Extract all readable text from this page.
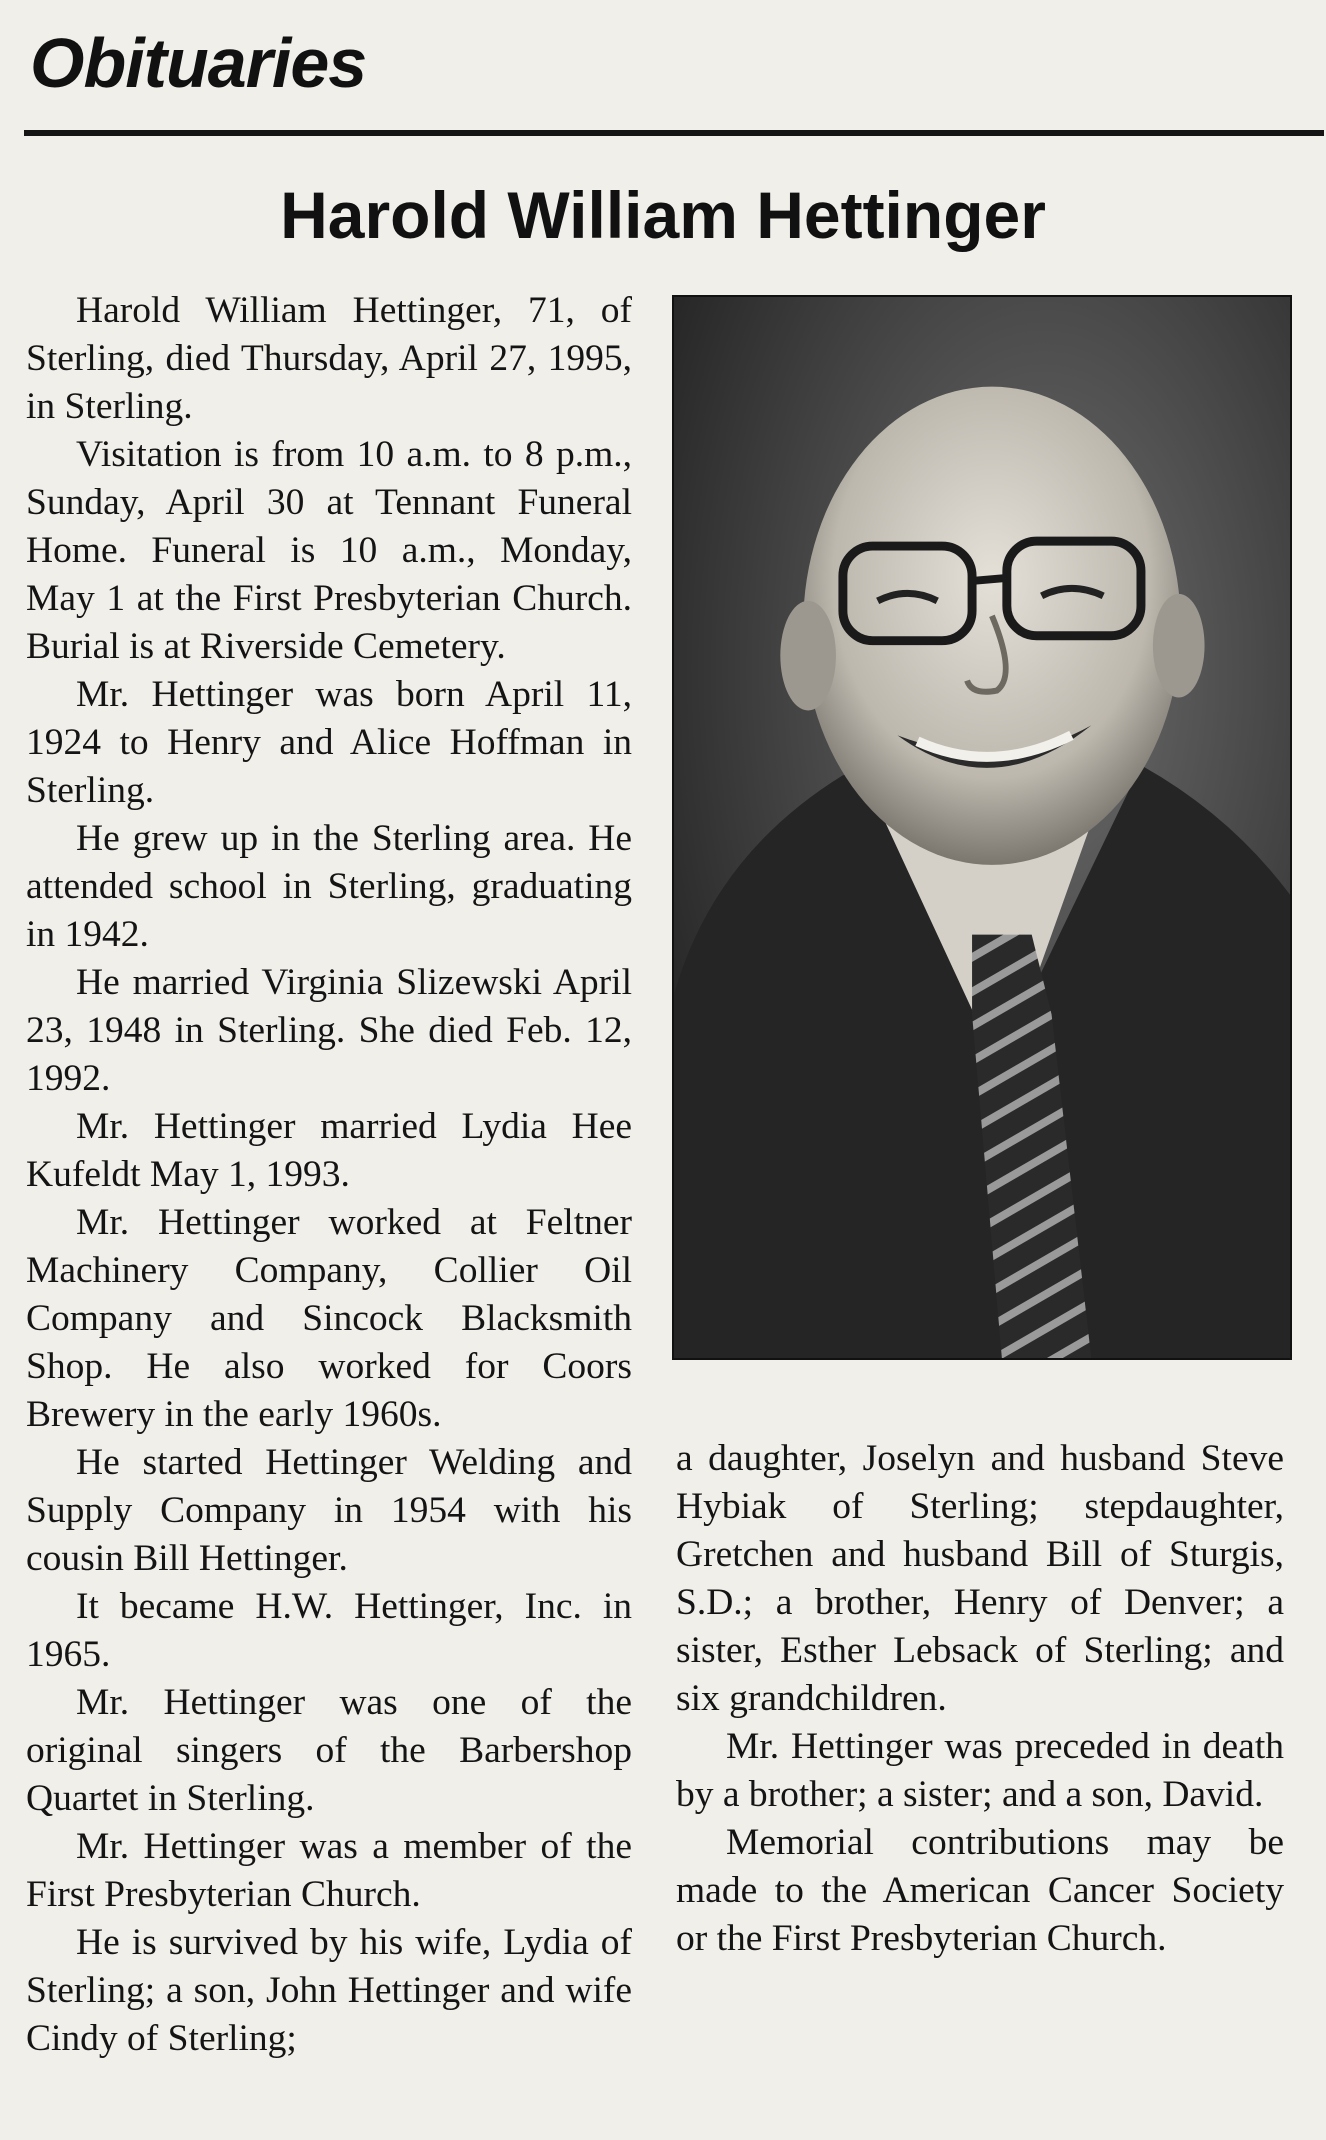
Obituaries
Harold William Hettinger

Harold William Hettinger, 71, of Sterling, died Thursday, April 27, 1995, in Sterling.

Visitation is from 10 a.m. to 8 p.m., Sunday, April 30 at Tennant Funeral Home. Funeral is 10 a.m., Monday, May 1 at the First Presbyterian Church. Burial is at Riverside Cemetery.

Mr. Hettinger was born April 11, 1924 to Henry and Alice Hoffman in Sterling.

He grew up in the Sterling area. He attended school in Sterling, graduating in 1942.

He married Virginia Slizewski April 23, 1948 in Sterling. She died Feb. 12, 1992.

Mr. Hettinger married Lydia Hee Kufeldt May 1, 1993.

Mr. Hettinger worked at Feltner Machinery Company, Collier Oil Company and Sincock Blacksmith Shop. He also worked for Coors Brewery in the early 1960s.

He started Hettinger Welding and Supply Company in 1954 with his cousin Bill Hettinger.

It became H.W. Hettinger, Inc. in 1965.

Mr. Hettinger was one of the original singers of the Barbershop Quartet in Sterling.

Mr. Hettinger was a member of the First Presbyterian Church.

He is survived by his wife, Lydia of Sterling; a son, John Hettinger and wife Cindy of Sterling;

a daughter, Joselyn and husband Steve Hybiak of Sterling; stepdaughter, Gretchen and husband Bill of Sturgis, S.D.; a brother, Henry of Denver; a sister, Esther Lebsack of Sterling; and six grandchildren.

Mr. Hettinger was preceded in death by a brother; a sister; and a son, David.

Memorial contributions may be made to the American Cancer Society or the First Presbyterian Church.
